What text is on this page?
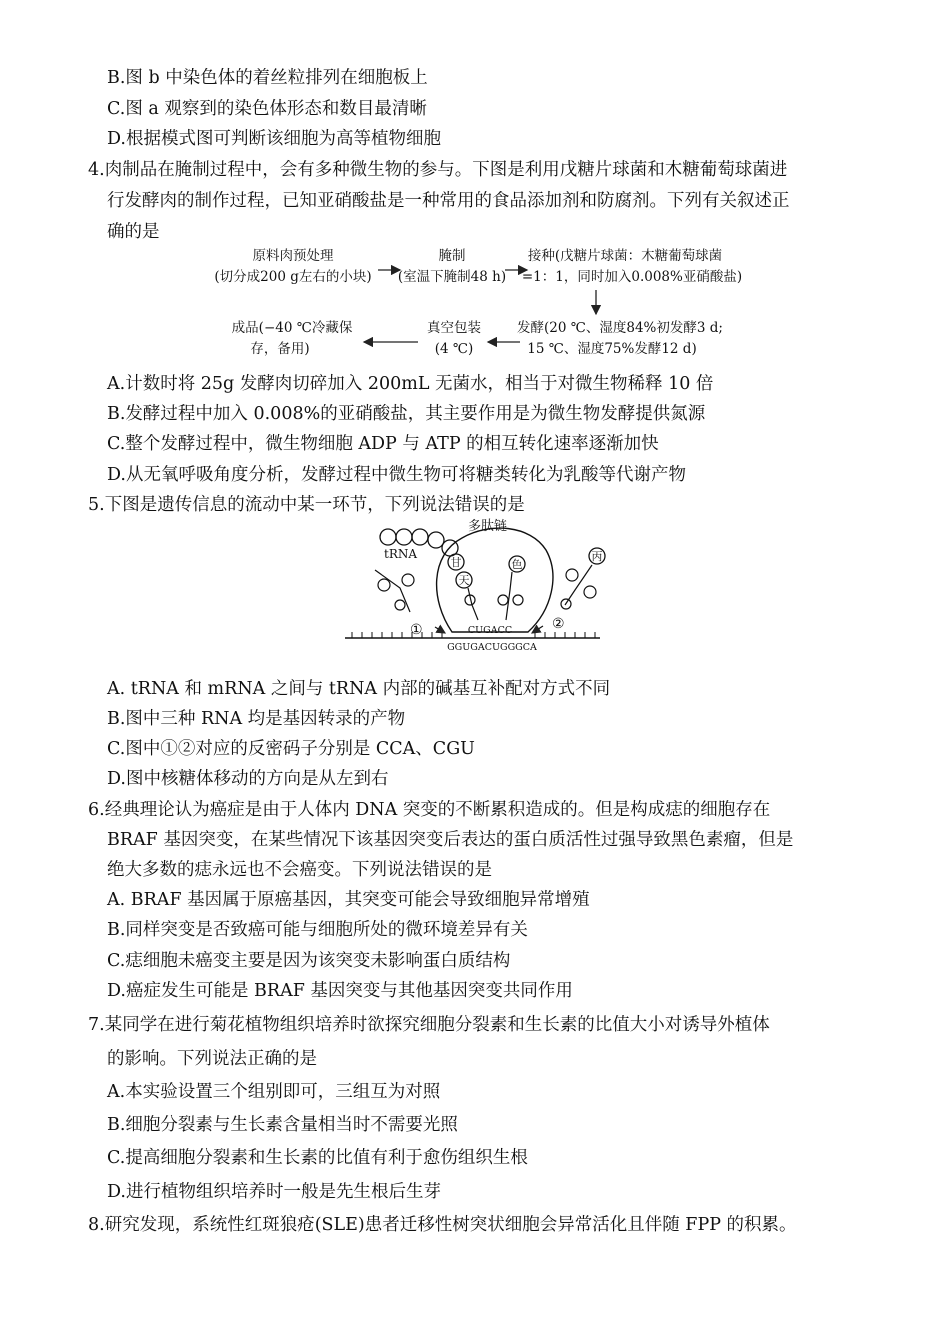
B.图 b 中染色体的着丝粒排列在细胞板上
C.图 a 观察到的染色体形态和数目最清晰
D.根据模式图可判断该细胞为高等植物细胞
4.肉制品在腌制过程中，会有多种微生物的参与。下图是利用戊糖片球菌和木糖葡萄球菌进
行发酵肉的制作过程，已知亚硝酸盐是一种常用的食品添加剂和防腐剂。下列有关叙述正
确的是
原料肉预处理
(切分成200 g左右的小块)
腌制
(室温下腌制48 h)
接种(戊糖片球菌：木糖葡萄球菌
=1：1，同时加入0.008%亚硝酸盐)
发酵(20 ℃、湿度84%初发酵3 d;
15 ℃、湿度75%发酵12 d)
真空包装
(4 ℃)
成品(−40 ℃冷藏保
存，备用)
A.计数时将 25g 发酵肉切碎加入 200mL 无菌水，相当于对微生物稀释 10 倍
B.发酵过程中加入 0.008%的亚硝酸盐，其主要作用是为微生物发酵提供氮源
C.整个发酵过程中，微生物细胞 ADP 与 ATP 的相互转化速率逐渐加快
D.从无氧呼吸角度分析，发酵过程中微生物可将糖类转化为乳酸等代谢产物
5.下图是遗传信息的流动中某一环节，下列说法错误的是
甘
天
色
丙
多肽链
tRNA
①	②
CUGACC
GGUGACUGGGCA
A. tRNA 和 mRNA 之间与 tRNA 内部的碱基互补配对方式不同
B.图中三种 RNA 均是基因转录的产物
C.图中①②对应的反密码子分别是 CCA、CGU
D.图中核糖体移动的方向是从左到右
6.经典理论认为癌症是由于人体内 DNA 突变的不断累积造成的。但是构成痣的细胞存在
BRAF 基因突变，在某些情况下该基因突变后表达的蛋白质活性过强导致黑色素瘤，但是
绝大多数的痣永远也不会癌变。下列说法错误的是
A. BRAF 基因属于原癌基因，其突变可能会导致细胞异常增殖
B.同样突变是否致癌可能与细胞所处的微环境差异有关
C.痣细胞未癌变主要是因为该突变未影响蛋白质结构
D.癌症发生可能是 BRAF 基因突变与其他基因突变共同作用
7.某同学在进行菊花植物组织培养时欲探究细胞分裂素和生长素的比值大小对诱导外植体
的影响。下列说法正确的是
A.本实验设置三个组别即可，三组互为对照
B.细胞分裂素与生长素含量相当时不需要光照
C.提高细胞分裂素和生长素的比值有利于愈伤组织生根
D.进行植物组织培养时一般是先生根后生芽
8.研究发现，系统性红斑狼疮(SLE)患者迁移性树突状细胞会异常活化且伴随 FPP 的积累。
